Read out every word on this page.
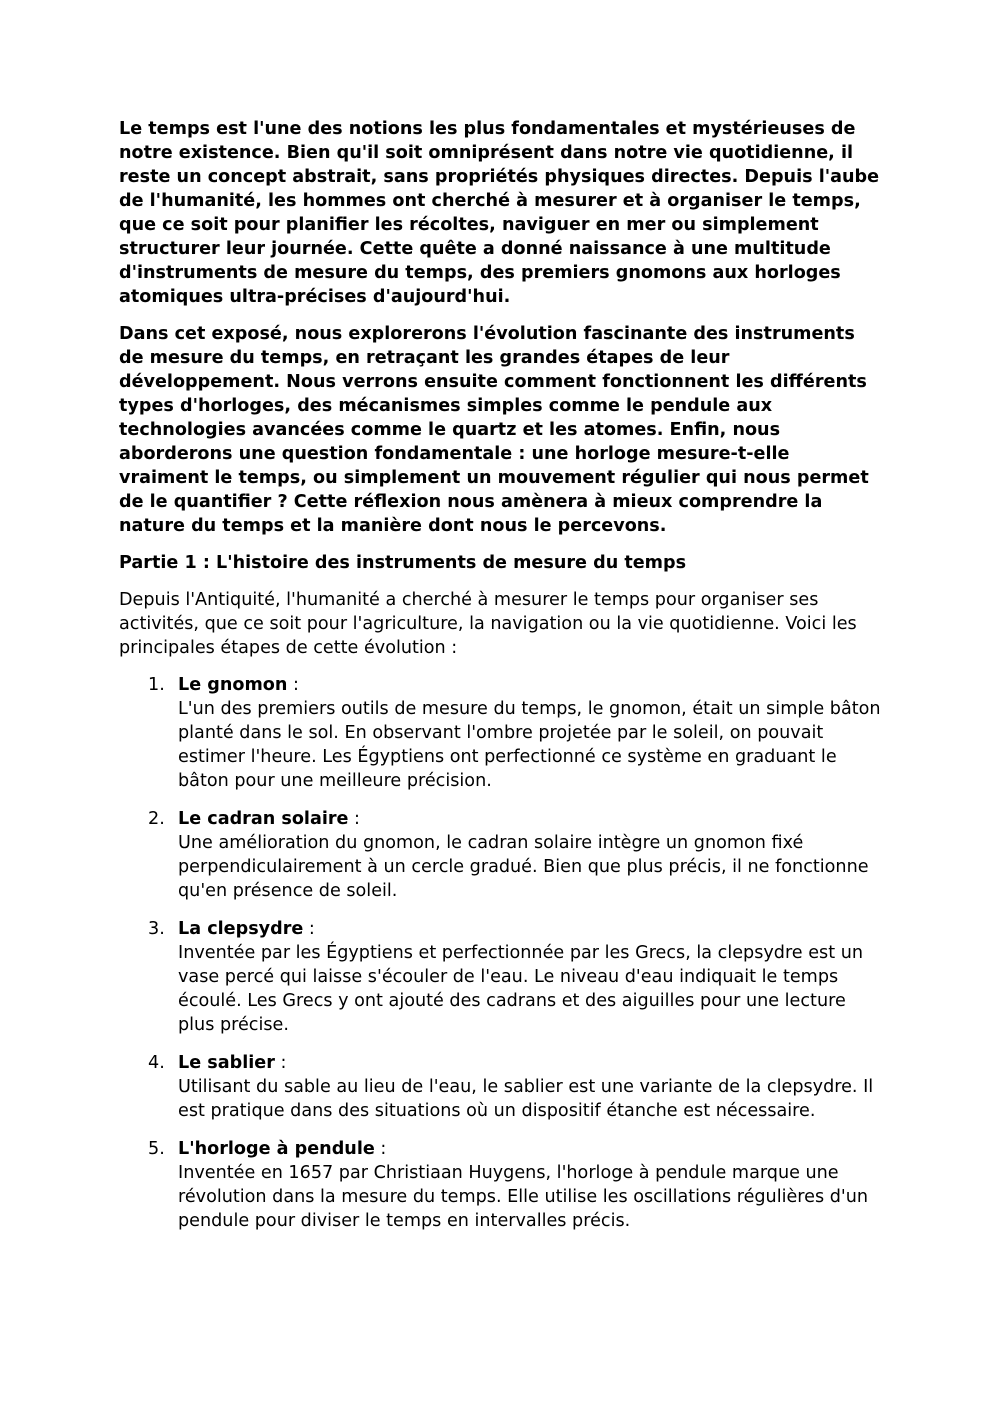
Le temps est l'une des notions les plus fondamentales et mystérieuses de notre existence. Bien qu'il soit omniprésent dans notre vie quotidienne, il reste un concept abstrait, sans propriétés physiques directes. Depuis l'aube de l'humanité, les hommes ont cherché à mesurer et à organiser le temps, que ce soit pour planifier les récoltes, naviguer en mer ou simplement structurer leur journée. Cette quête a donné naissance à une multitude d'instruments de mesure du temps, des premiers gnomons aux horloges atomiques ultra-précises d'aujourd'hui.

Dans cet exposé, nous explorerons l'évolution fascinante des instruments de mesure du temps, en retraçant les grandes étapes de leur développement. Nous verrons ensuite comment fonctionnent les différents types d'horloges, des mécanismes simples comme le pendule aux technologies avancées comme le quartz et les atomes. Enfin, nous aborderons une question fondamentale : une horloge mesure-t-elle vraiment le temps, ou simplement un mouvement régulier qui nous permet de le quantifier ? Cette réflexion nous amènera à mieux comprendre la nature du temps et la manière dont nous le percevons.

Partie 1 : L'histoire des instruments de mesure du temps

Depuis l'Antiquité, l'humanité a cherché à mesurer le temps pour organiser ses activités, que ce soit pour l'agriculture, la navigation ou la vie quotidienne. Voici les principales étapes de cette évolution :

1. Le gnomon :
L'un des premiers outils de mesure du temps, le gnomon, était un simple bâton planté dans le sol. En observant l'ombre projetée par le soleil, on pouvait estimer l'heure. Les Égyptiens ont perfectionné ce système en graduant le bâton pour une meilleure précision.
2. Le cadran solaire :
Une amélioration du gnomon, le cadran solaire intègre un gnomon fixé perpendiculairement à un cercle gradué. Bien que plus précis, il ne fonctionne qu'en présence de soleil.
3. La clepsydre :
Inventée par les Égyptiens et perfectionnée par les Grecs, la clepsydre est un vase percé qui laisse s'écouler de l'eau. Le niveau d'eau indiquait le temps écoulé. Les Grecs y ont ajouté des cadrans et des aiguilles pour une lecture plus précise.
4. Le sablier :
Utilisant du sable au lieu de l'eau, le sablier est une variante de la clepsydre. Il est pratique dans des situations où un dispositif étanche est nécessaire.
5. L'horloge à pendule :
Inventée en 1657 par Christiaan Huygens, l'horloge à pendule marque une révolution dans la mesure du temps. Elle utilise les oscillations régulières d'un pendule pour diviser le temps en intervalles précis.
